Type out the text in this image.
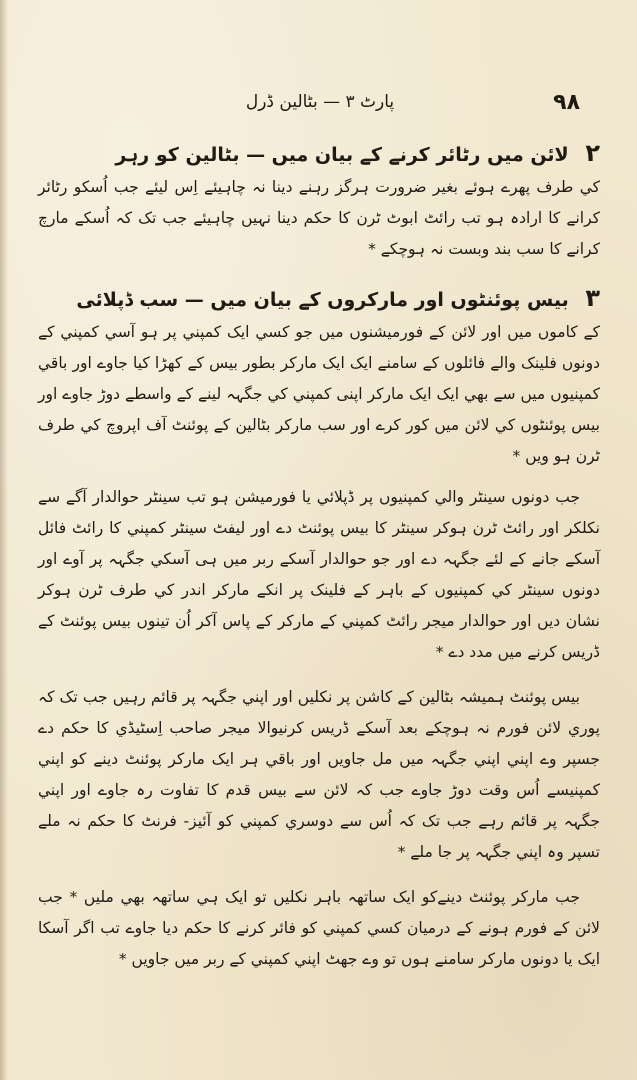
۹۸
پارٹ ۳ — بٹالین ڈرل
۲ لائن میں رٹائر کرنے کے بیان میں — بٹالین کو رہر

کي طرف پھرے ہوئے بغیر ضرورت ہرگز رہنے دینا نہ چاہیئے اِس لیئے جب اُسکو رٹائر کرانے کا ارادہ ہو تب رائٹ ابوٹ ٹرن کا حکم دینا نہیں چاہیئے جب تک کہ اُسکے مارچ کرانے کا سب بند وبست نہ ہوچکے *

۳ بیس پوئنٹوں اور مارکروں کے بیان میں — سب ڈپلائی

کے کاموں میں اور لائن کے فورمیشنوں میں جو کسي ایک کمپني پر ہو آسي کمپني کے دونوں فلینک والے فائلوں کے سامنے ایک ایک مارکر بطور بیس کے کھڑا کیا جاوے اور باقي کمپنیوں میں سے بھي ایک ایک مارکر اپنی کمپني کي جگہہ لینے کے واسطے دوڑ جاوے اور بیس پوئنٹوں کي لائن میں کور کرے اور سب مارکر بٹالین کے پوئنٹ آف اپروچ کي طرف ٹرن ہو ویں *

جب دونوں سینٹر والي کمپنیوں پر ڈپلائي یا فورمیشن ہو تب سینٹر حوالدار آگے سے نکلکر اور رائٹ ٹرن ہوکر سینٹر کا بیس پوئنٹ دے اور لیفٹ سینٹر کمپني کا رائٹ فائل آسکے جانے کے لئے جگہہ دے اور جو حوالدار آسکے ربر میں ہی آسکي جگہہ پر آوے اور دونوں سینٹر کي کمپنیوں کے باہر کے فلینک پر انکے مارکر اندر کي طرف ٹرن ہوکر نشان دیں اور حوالدار میجر رائٹ کمپني کے مارکر کے پاس آکر اُن تینوں بیس پوئنٹ کے ڈریس کرنے میں مدد دے *

بیس پوئنٹ ہمیشہ بٹالین کے کاشن پر نکلیں اور اپني جگہہ پر قائم رہیں جب تک کہ پوري لائن فورم نہ ہوچکے بعد آسکے ڈریس کرنیوالا میجر صاحب اِسٹیڈي کا حکم دے جسپر وے اپني اپني جگہہ میں مل جاویں اور باقي ہر ایک مارکر پوئنٹ دینے کو اپني کمپنيسے اُس وقت دوڑ جاوے جب کہ لائن سے بیس قدم کا تفاوت رہ جاوے اور اپني جگہہ پر قائم رہے جب تک کہ اُس سے دوسري کمپني کو آئیز- فرنٹ کا حکم نہ ملے تسپر وہ اپني جگہہ پر جا ملے *

جب مارکر پوئنٹ دینےکو ایک ساتھہ باہر نکلیں تو ایک ہي ساتھہ بھي ملیں * جب لائن کے فورم ہونے کے درمیان کسي کمپني کو فائر کرنے کا حکم دیا جاوے تب اگر آسکا ایک یا دونوں مارکر سامنے ہوں تو وے جھٹ اپني کمپني کے ربر میں جاویں *
